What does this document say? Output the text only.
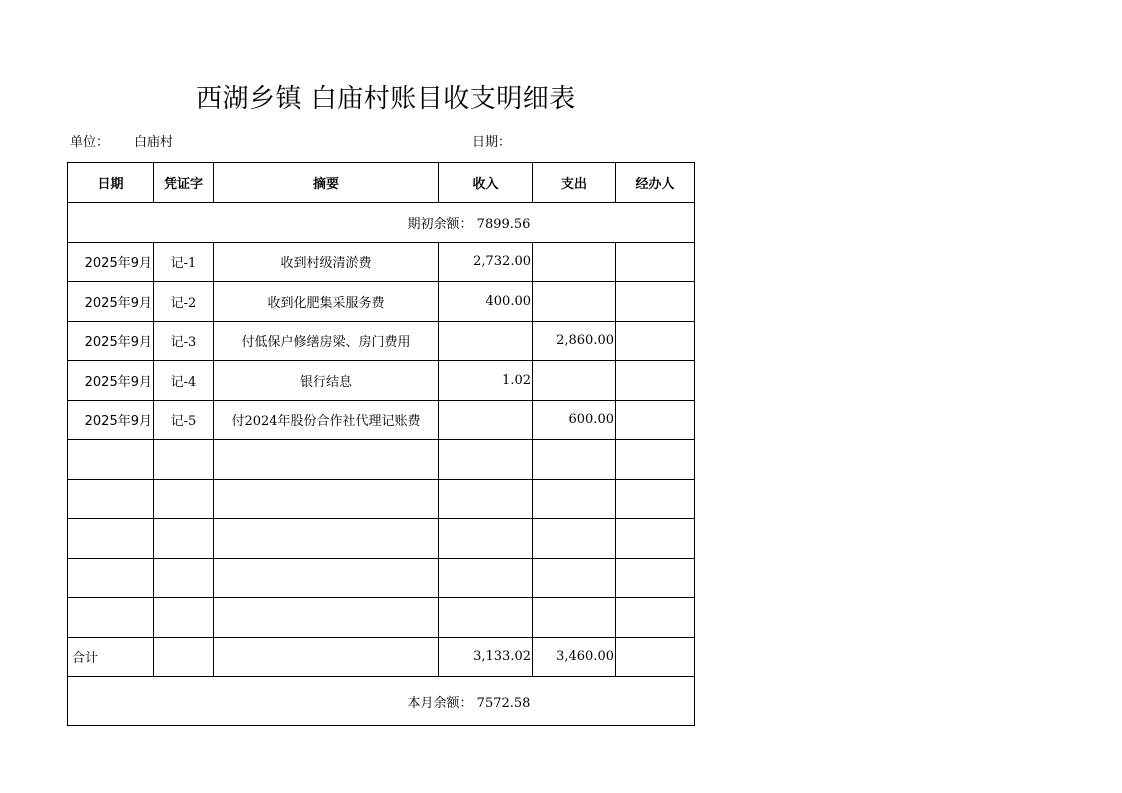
西湖乡镇 白庙村账目收支明细表
单位： 白庙村	日期：
日期	凭证字	摘要	收入	支出	经办人
期初余额： 7899.56					
2025年9月	记-1	收到村级清淤费	2,732.00		
2025年9月	记-2	收到化肥集采服务费	400.00		
2025年9月	记-3	付低保户修缮房梁、房门费用		2,860.00	
2025年9月	记-4	银行结息	1.02		
2025年9月	记-5	付2024年股份合作社代理记账费		600.00	

合计			3,133.02	3,460.00	
本月余额： 7572.58					
